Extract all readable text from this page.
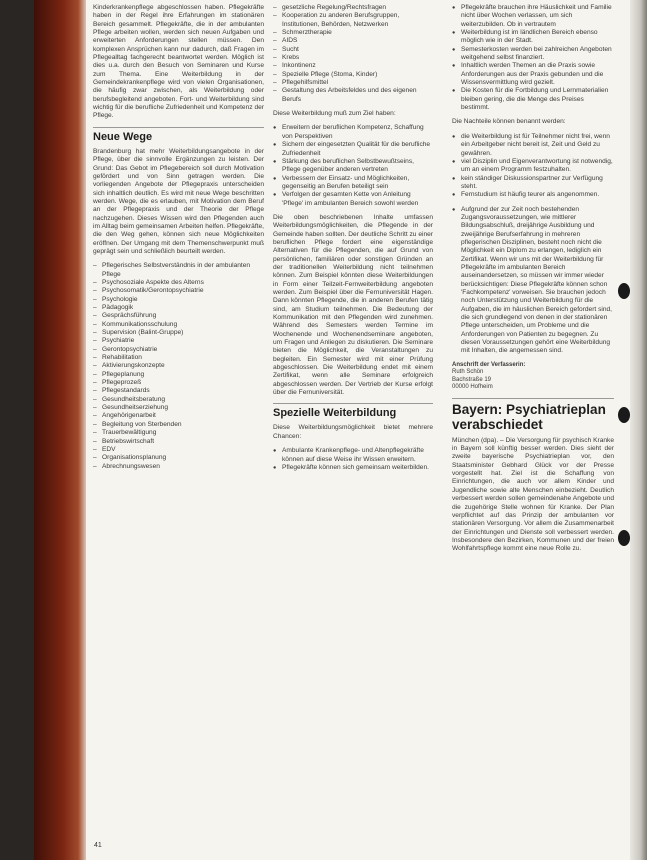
Kinderkrankenpflege abgeschlossen haben. Pflegekräfte haben in der Regel ihre Erfahrungen im stationären Bereich gesammelt. Pflegekräfte, die in der ambulanten Pflege arbeiten wollen, werden sich neuen Aufgaben und erweiterten Anforderungen stellen müssen. Den komplexen Ansprüchen kann nur dadurch, daß Fragen im Pflegealltag fachgerecht beantwortet werden. Möglich ist dies u.a. durch den Besuch von Seminaren und Kurse zum Thema. Eine Weiterbildung in der Gemeindekrankenpflege wird von vielen Organisationen, die häufig zwar zwischen, als Weiterbildung oder berufsbegleitend angeboten. Fort- und Weiterbildung sind wichtig für die berufliche Zufriedenheit und Kompetenz der Pflege.

Neue Wege

Brandenburg hat mehr Weiterbildungsangebote in der Pflege, über die sinnvolle Ergänzungen zu leisten. Der Grund: Das Gebot im Pflegebereich soll durch Motivation gefördert und von Sinn getragen werden. Die vorliegenden Angebote der Pflegepraxis unterscheiden sich inhaltlich deutlich. Es wird mit neue Wege beschritten werden. Wege, die es erlauben, mit Motivation dem Beruf an der Pflegepraxis und der Theorie der Pflege nachzugehen. Dieses Wissen wird den Pflegenden auch im Alltag beim gemeinsamen Arbeiten helfen. Pflegekräfte, die den Weg gehen, können sich neue Möglichkeiten eröffnen. Der Umgang mit dem Themenschwerpunkt muß geprägt sein und schließlich beurteilt werden.

– Pflegerisches Selbstverständnis in der ambulanten Pflege
– Psychosoziale Aspekte des Alterns
– Psychosomatik/Gerontopsychiatrie
– Psychologie
– Pädagogik
– Gesprächsführung
– Kommunikationsschulung
– Supervision (Balint-Gruppe)
– Psychiatrie
– Gerontopsychiatrie
– Rehabilitation
– Aktivierungskonzepte
– Pflegeplanung
– Pflegeprozeß
– Pflegestandards
– Gesundheitsberatung
– Gesundheitserziehung
– Angehörigenarbeit
– Begleitung von Sterbenden
– Trauerbewältigung
– Betriebswirtschaft
– EDV
– Organisationsplanung
– Abrechnungswesen
– gesetzliche Regelung/Rechtsfragen
– Kooperation zu anderen Berufsgruppen, Institutionen, Behörden, Netzwerken
– Schmerztherapie
– AIDS
– Sucht
– Krebs
– Inkontinenz
– Spezielle Pflege (Stoma, Kinder)
– Pflegehilfsmittel
– Gestaltung des Arbeitsfeldes und des eigenen Berufs

Diese Weiterbildung muß zum Ziel haben:

● Erweitern der beruflichen Kompetenz, Schaffung von Perspektiven
● Sichern der eingesetzten Qualität für die berufliche Zufriedenheit
● Stärkung des beruflichen Selbstbewußtseins, Pflege gegenüber anderen vertreten
● Verbessern der Einsatz- und Möglichkeiten, gegenseitig an Berufen beteiligt sein
● Verfolgen der gesamten Kette von Anleitung 'Pflege' im ambulanten Bereich sowohl werden

Die oben beschriebenen Inhalte umfassen Weiterbildungsmöglichkeiten, die Pflegende in der Gemeinde haben sollten. Der deutliche Schritt zu einer beruflichen Pflege fordert eine eigenständige Alternativen für die Pflegenden, die auf Grund von persönlichen, familiären oder sonstigen Gründen an der traditionellen Weiterbildung nicht teilnehmen können. Zum Beispiel könnten diese Weiterbildungen in Form einer Teilzeit-Fernweiterbildung angeboten werden. Zum Beispiel über die Fernuniversität Hagen. Dann könnten Pflegende, die in anderen Berufen tätig sind, am Studium teilnehmen. Die Bedeutung der Kommunikation mit den Pflegenden wird zunehmen. Während des Semesters werden Termine im Wochenende und Wochenendseminare angeboten, um Fragen und Anliegen zu diskutieren. Die Seminare bieten die Möglichkeit, die Veranstaltungen zu begleiten. Ein Semester wird mit einer Prüfung abgeschlossen. Die Weiterbildung endet mit einem Zertifikat, wenn alle Seminare erfolgreich abgeschlossen werden. Der Vertrieb der Kurse erfolgt über die Fernuniversität.

Spezielle Weiterbildung

Diese Weiterbildungsmöglichkeit bietet mehrere Chancen:

● Ambulante Krankenpflege- und Altenpflegekräfte können auf diese Weise ihr Wissen erweitern.
● Pflegekräfte können sich gemeinsam weiterbilden.
● Pflegekräfte brauchen ihre Häuslichkeit und Familie nicht über Wochen verlassen, um sich weiterzubilden. Ob in vertrautem
● Weiterbildung ist im ländlichen Bereich ebenso möglich wie in der Stadt.
● Semesterkosten werden bei zahlreichen Angeboten weitgehend selbst finanziert.
● Inhaltlich werden Themen an die Praxis sowie Anforderungen aus der Praxis gebunden und die Wissensvermittlung wird gezielt.
● Die Kosten für die Fortbildung und Lernmaterialien bleiben gering, die die Menge des Preises bestimmt.

Die Nachteile können benannt werden:

● die Weiterbildung ist für Teilnehmer nicht frei, wenn ein Arbeitgeber nicht bereit ist, Zeit und Geld zu gewähren.
● viel Disziplin und Eigenverantwortung ist notwendig, um an einem Programm festzuhalten.
● kein ständiger Diskussionspartner zur Verfügung steht.
● Fernstudium ist häufig teurer als angenommen.
● Aufgrund der zur Zeit noch bestehenden Zugangsvoraussetzungen, wie mittlerer Bildungsabschluß, dreijährige Ausbildung und zweijährige Berufserfahrung in mehreren pflegerischen Disziplinen, besteht noch nicht die Möglichkeit ein Diplom zu erlangen, lediglich ein Zertifikat. Wenn wir uns mit der Weiterbildung für Pflegekräfte im ambulanten Bereich auseinandersetzen, so müssen wir immer wieder berücksichtigen: Diese Pflegekräfte können schon 'Fachkompetenz' vorweisen. Sie brauchen jedoch noch Unterstützung und Weiterbildung für die Aufgaben, die im häuslichen Bereich gefordert sind, die sich grundlegend von denen in der stationären Pflege unterscheiden, um Probleme und die Anforderungen von Patienten zu begegnen. Zu diesen Voraussetzungen gehört eine Weiterbildung mit Inhalten, die angemessen sind.
Anschrift der Verfasserin:
Ruth Schön
Bachstraße 19
00000 Hofheim
Bayern: Psychiatrieplan verabschiedet

München (dpa). – Die Versorgung für psychisch Kranke in Bayern soll künftig besser werden. Dies sieht der zweite bayerische Psychiatrieplan vor, den Staatsminister Gebhard Glück vor der Presse vorgestellt hat. Ziel ist die Schaffung von Einrichtungen, die auch vor allem Kinder und Jugendliche sowie alte Menschen einbezieht. Deutlich verbessert werden sollen gemeindenahe Angebote und die zugehörige Stelle wohnen für Kranke. Der Plan verpflichtet auf das Prinzip der ambulanten vor stationären Versorgung. Vor allem die Zusammenarbeit der Einrichtungen und Dienste soll verbessert werden. Insbesondere den Bezirken, Kommunen und der freien Wohlfahrtspflege kommt eine neue Rolle zu.

41
